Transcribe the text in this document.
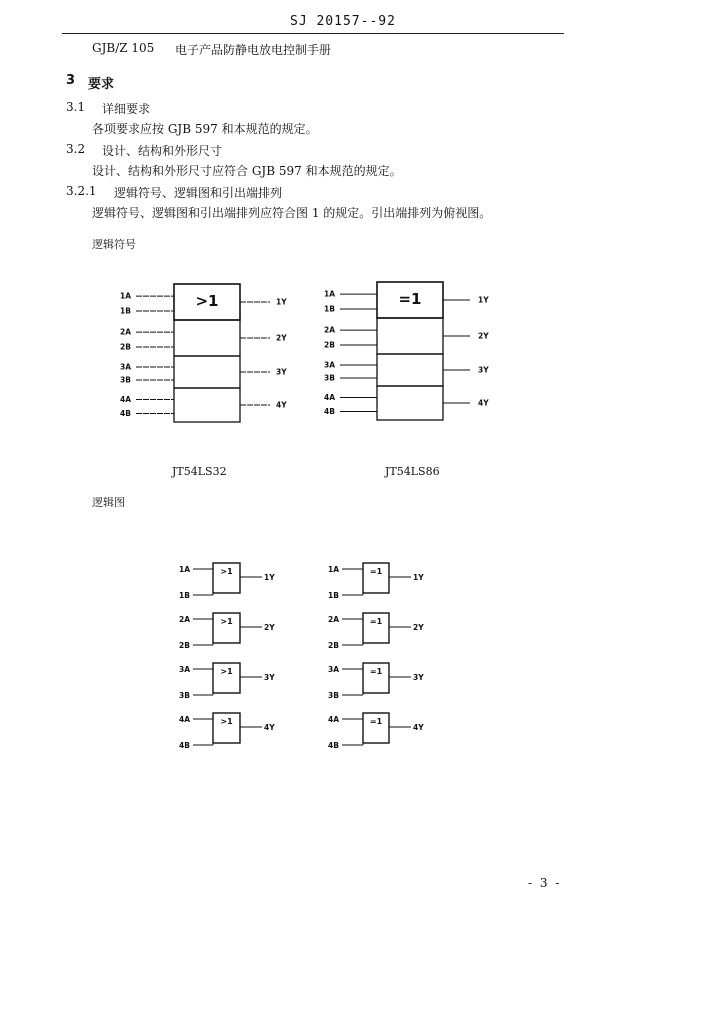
SJ 20157--92
GJB/Z 105 电子产品防静电放电控制手册
3 要求
3.1 详细要求
各项要求应按 GJB 597 和本规范的规定。
3.2 设计、结构和外形尺寸
设计、结构和外形尺寸应符合 GJB 597 和本规范的规定。
3.2.1 逻辑符号、逻辑图和引出端排列
逻辑符号、逻辑图和引出端排列应符合图 1 的规定。引出端排列为俯视图。
逻辑符号
>1
1A
1B
2A
2B
3A
3B
4A
4B
1Y
2Y
3Y
4Y
=1
1A
1B
2A
2B
3A
3B
4A
4B
1Y
2Y
3Y
4Y
>1
1A
1B
1Y
>1
2A
2B
2Y
>1
3A
3B
3Y
>1
4A
4B
4Y
=1
1A
1B
1Y
=1
2A
2B
2Y
=1
3A
3B
3Y
=1
4A
4B
4Y
JT54LS32	JT54LS86
逻辑图
- 3 -
